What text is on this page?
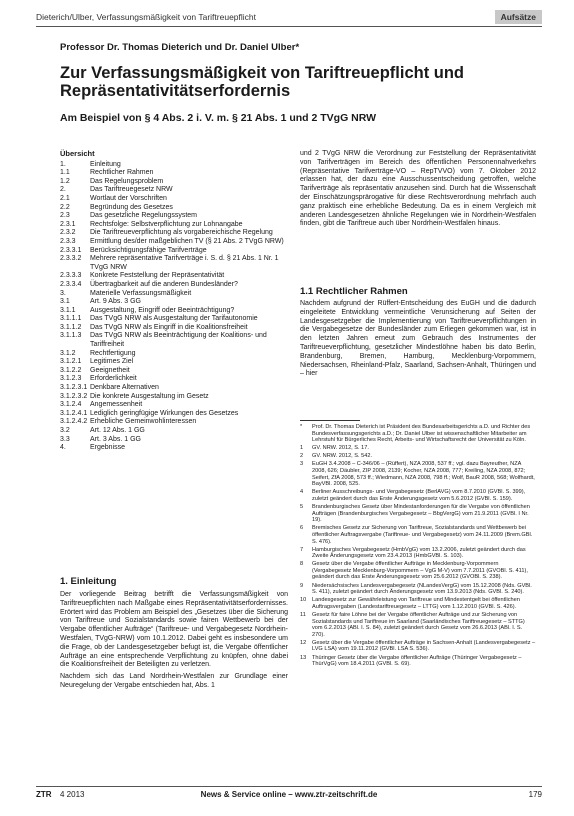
Dieterich/Ulber, Verfassungsmäßigkeit von Tariftreuepflicht	Aufsätze
Professor Dr. Thomas Dieterich und Dr. Daniel Ulber*
Zur Verfassungsmäßigkeit von Tariftreuepflicht und Repräsentativitätserfordernis
Am Beispiel von § 4 Abs. 2 i. V. m. § 21 Abs. 1 und 2 TVgG NRW
Übersicht
1.	Einleitung
1.1	Rechtlicher Rahmen
1.2	Das Regelungsproblem
2.	Das Tariftreuegesetz NRW
2.1	Wortlaut der Vorschriften
2.2	Begründung des Gesetzes
2.3	Das gesetzliche Regelungssystem
2.3.1	Rechtsfolge: Selbstverpflichtung zur Lohnangabe
2.3.2	Die Tariftreueverpflichtung als vorgabereichische Regelung
2.3.3	Ermittlung des/der maßgeblichen TV (§ 21 Abs. 2 TVgG NRW)
2.3.3.1	Berücksichtigungsfähige Tarifverträge
2.3.3.2	Mehrere repräsentative Tarifverträge i. S. d. § 21 Abs. 1 Nr. 1 TVgG NRW
2.3.3.3	Konkrete Feststellung der Repräsentativität
2.3.3.4	Übertragbarkeit auf die anderen Bundesländer?
3.	Materielle Verfassungsmäßigkeit
3.1	Art. 9 Abs. 3 GG
3.1.1	Ausgestaltung, Eingriff oder Beeinträchtigung?
3.1.1.1	Das TVgG NRW als Ausgestaltung der Tarifautonomie
3.1.1.2	Das TVgG NRW als Eingriff in die Koalitionsfreiheit
3.1.1.3	Das TVgG NRW als Beeinträchtigung der Koalitions- und Tariffreiheit
3.1.2	Rechtfertigung
3.1.2.1	Legitimes Ziel
3.1.2.2	Geeignetheit
3.1.2.3	Erforderlichkeit
3.1.2.3.1 Denkbare Alternativen
3.1.2.3.2 Die konkrete Ausgestaltung im Gesetz
3.1.2.4	Angemessenheit
3.1.2.4.1 Lediglich geringfügige Wirkungen des Gesetzes
3.1.2.4.2 Erhebliche Gemeinwohlinteressen
3.2	Art. 12 Abs. 1 GG
3.3	Art. 3 Abs. 1 GG
4.	Ergebnisse
1. Einleitung

Der vorliegende Beitrag betrifft die Verfassungsmäßigkeit von Tariftreuepflichten nach Maßgabe eines Repräsentativitätserfordernisses. Erörtert wird das Problem am Beispiel des „Gesetzes über die Sicherung von Tariftreue und Sozialstandards sowie fairen Wettbewerb bei der Vergabe öffentlicher Aufträge“ (Tariftreue- und Vergabegesetz Nordrhein-Westfalen, TVgG-NRW) vom 10.1.2012. Dabei geht es insbesondere um die Frage, ob der Landesgesetzgeber befugt ist, die Vergabe öffentlicher Aufträge an eine entsprechende Verpflichtung zu knüpfen, ohne dabei die Koalitionsfreiheit der Beteiligten zu verletzen.

Nachdem sich das Land Nordrhein-Westfalen zur Grundlage einer Neuregelung der Vergabe entschieden hat, Abs. 1

und 2 TVgG NRW die Verordnung zur Feststellung der Repräsentativität von Tarifverträgen im Bereich des öffentlichen Personennahverkehrs (Repräsentative Tarifverträge-VO – RepTVVO) vom 7. Oktober 2012 erlassen hat, der dazu eine Ausschussentscheidung getroffen, welche Tarifverträge als repräsentativ anzusehen sind. Durch hat die Wissenschaft der Einschätzungsprärogative für diese Rechtsverordnung mehrfach auch ganz praktisch eine erhebliche Bedeutung. Da es in einem Vergleich mit anderen Landesgesetzen ähnliche Regelungen wie in Nordrhein-Westfalen finden, gibt die Tariftreue auch über Nordrhein-Westfalen hinaus.

1.1 Rechtlicher Rahmen

Nachdem aufgrund der Rüffert-Entscheidung des EuGH und die dadurch eingeleitete Entwicklung vermeintliche Verunsicherung auf Seiten der Landesgesetzgeber die Implementierung von Tariftreueverpflichtungen in die Vergabegesetze der Bundesländer zum Erliegen gekommen war, ist in den letzten Jahren erneut zum Gebrauch des Instrumentes der Tariftreueverpflichtung, gesetzlicher Mindestlöhne haben bis dato Berlin, Brandenburg, Bremen, Hamburg, Mecklenburg-Vorpommern, Niedersachsen, Rheinland-Pfalz, Saarland, Sachsen-Anhalt, Thüringen und – hier

*	Prof. Dr. Thomas Dieterich ist Präsident des Bundesarbeitsgerichts a.D. und Richter des Bundesverfassungsgerichts a.D.; Dr. Daniel Ulber ist wissenschaftlicher Mitarbeiter am Lehrstuhl für Bürgerliches Recht, Arbeits- und Wirtschaftsrecht der Universität zu Köln.
1	GV. NRW. 2012, S. 17.
2	GV. NRW. 2012, S. 542.
3	EuGH 3.4.2008 – C-346/06 – (Rüffert), NZA 2008, 537 ff.; vgl. dazu Bayreuther, NZA 2008, 626; Däubler, ZIP 2008, 2139; Kocher, NZA 2008, 777; Kreiling, NZA 2008, 872; Seifert, ZfA 2008, 573 ff.; Wiedmann, NZA 2008, 798 ff.; Wolf, BauR 2008, 568; Wolfhardt, BayVBl. 2008, 525.
4	Berliner Ausschreibungs- und Vergabegesetz (BerlAVG) vom 8.7.2010 (GVBl. S. 399), zuletzt geändert durch das Erste Änderungsgesetz vom 5.6.2012 (GVBl. S. 159).
5	Brandenburgisches Gesetz über Mindestanforderungen für die Vergabe von öffentlichen Aufträgen (Brandenburgisches Vergabegesetz – BbgVergG) vom 21.9.2011 (GVBl. I Nr. 19).
6	Bremisches Gesetz zur Sicherung von Tariftreue, Sozialstandards und Wettbewerb bei öffentlicher Auftragsvergabe (Tariftreue- und Vergabegesetz) vom 24.11.2009 (Brem.GBl. S. 476).
7	Hamburgisches Vergabegesetz (HmbVgG) vom 13.2.2006, zuletzt geändert durch das Zweite Änderungsgesetz vom 23.4.2013 (HmbGVBl. S. 103).
8	Gesetz über die Vergabe öffentlicher Aufträge in Mecklenburg-Vorpommern (Vergabegesetz Mecklenburg-Vorpommern – VgG M-V) vom 7.7.2011 (GVOBl. S. 411), geändert durch das Erste Änderungsgesetz vom 25.6.2012 (GVOBl. S. 238).
9	Niedersächsisches Landesvergabegesetz (NLandesVergG) vom 15.12.2008 (Nds. GVBl. S. 411), zuletzt geändert durch Änderungsgesetz vom 13.9.2013 (Nds. GVBl. S. 240).
10	Landesgesetz zur Gewährleistung von Tariftreue und Mindestentgelt bei öffentlichen Auftragsvergaben (Landestariftreuegesetz – LTTG) vom 1.12.2010 (GVBl. S. 426).
11	Gesetz für faire Löhne bei der Vergabe öffentlicher Aufträge und zur Sicherung von Sozialstandards und Tariftreue im Saarland (Saarländisches Tariftreuegesetz – STTG) vom 6.2.2013 (ABl. I. S. 84), zuletzt geändert durch Gesetz vom 26.6.2013 (ABl. I. S. 270).
12	Gesetz über die Vergabe öffentlicher Aufträge in Sachsen-Anhalt (Landesvergabegesetz – LVG LSA) vom 19.11.2012 (GVBl. LSA S. 536).
13	Thüringer Gesetz über die Vergabe öffentlicher Aufträge (Thüringer Vergabegesetz – ThürVgG) vom 18.4.2011 (GVBl. S. 69).
ZTR 4 2013	News & Service online – www.ztr-zeitschrift.de	179
